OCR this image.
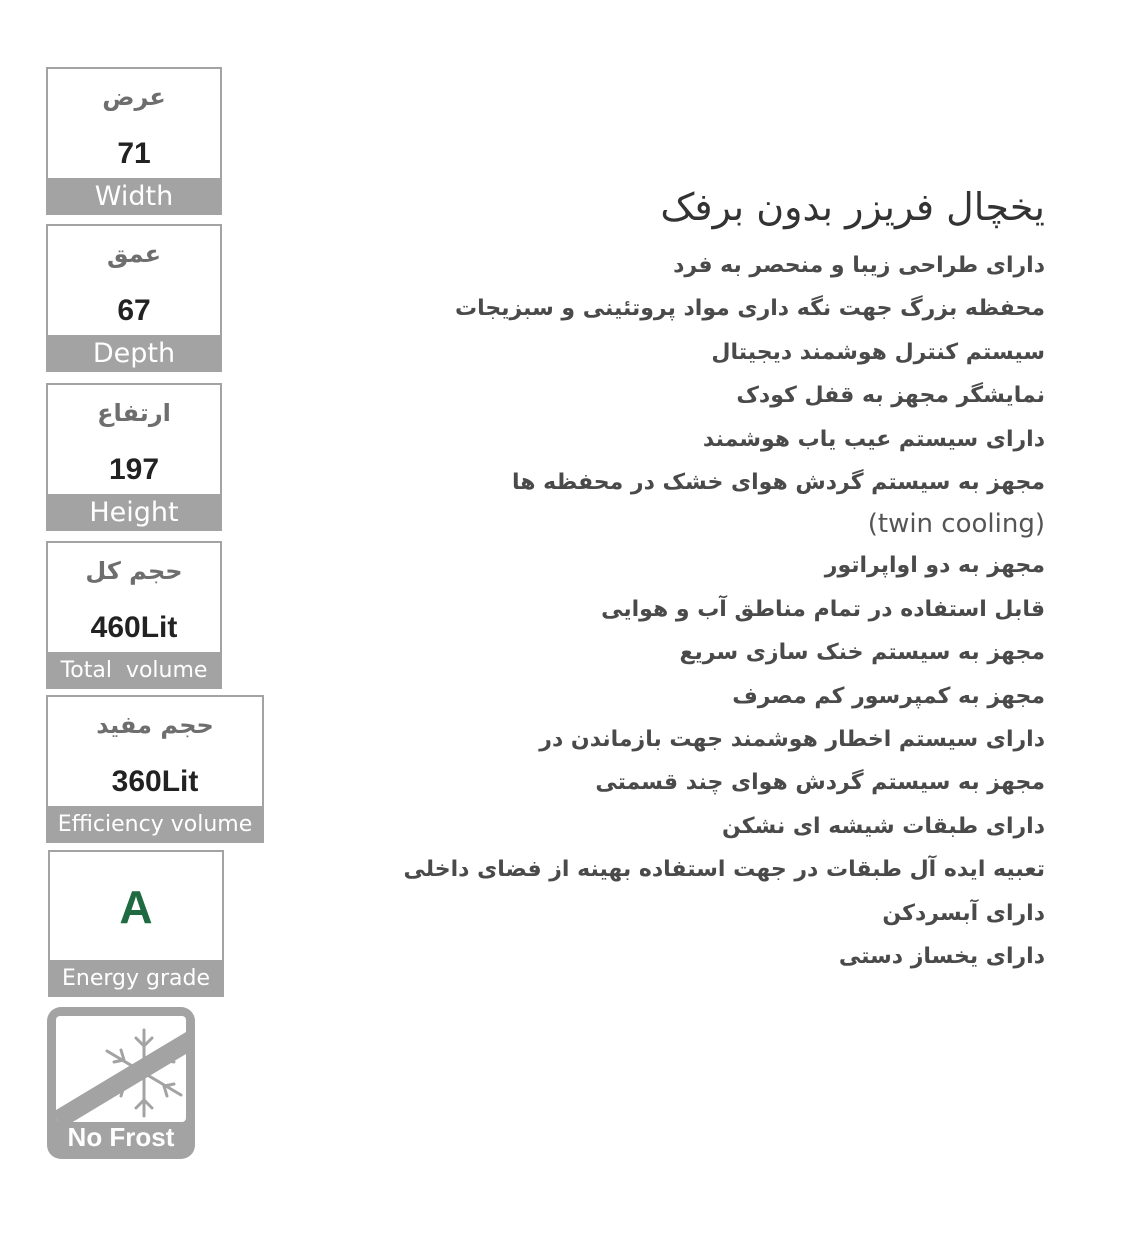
عرض
71
Width
عمق
67
Depth
ارتفاع
197
Height
حجم کل
460Lit
Total  volume
حجم مفید
360Lit
Efficiency volume
A
Energy grade
No Frost
یخچال فریزر بدون برفک
دارای طراحی زیبا و منحصر به فرد
محفظه بزرگ جهت نگه داری مواد پروتئینی و سبزیجات
سیستم کنترل هوشمند دیجیتال
نمایشگر مجهز به قفل کودک
دارای سیستم عیب یاب هوشمند
مجهز به سیستم گردش هوای خشک در محفظه ها
(twin cooling)
مجهز به دو اواپراتور
قابل استفاده در تمام مناطق آب و هوایی
مجهز به سیستم خنک سازی سریع
مجهز به کمپرسور کم مصرف
دارای سیستم اخطار هوشمند جهت بازماندن در
مجهز به سیستم گردش هوای چند قسمتی
دارای طبقات شیشه ای نشکن
تعبیه ایده آل طبقات در جهت استفاده بهینه از فضای داخلی
دارای آبسردکن
دارای یخساز دستی
